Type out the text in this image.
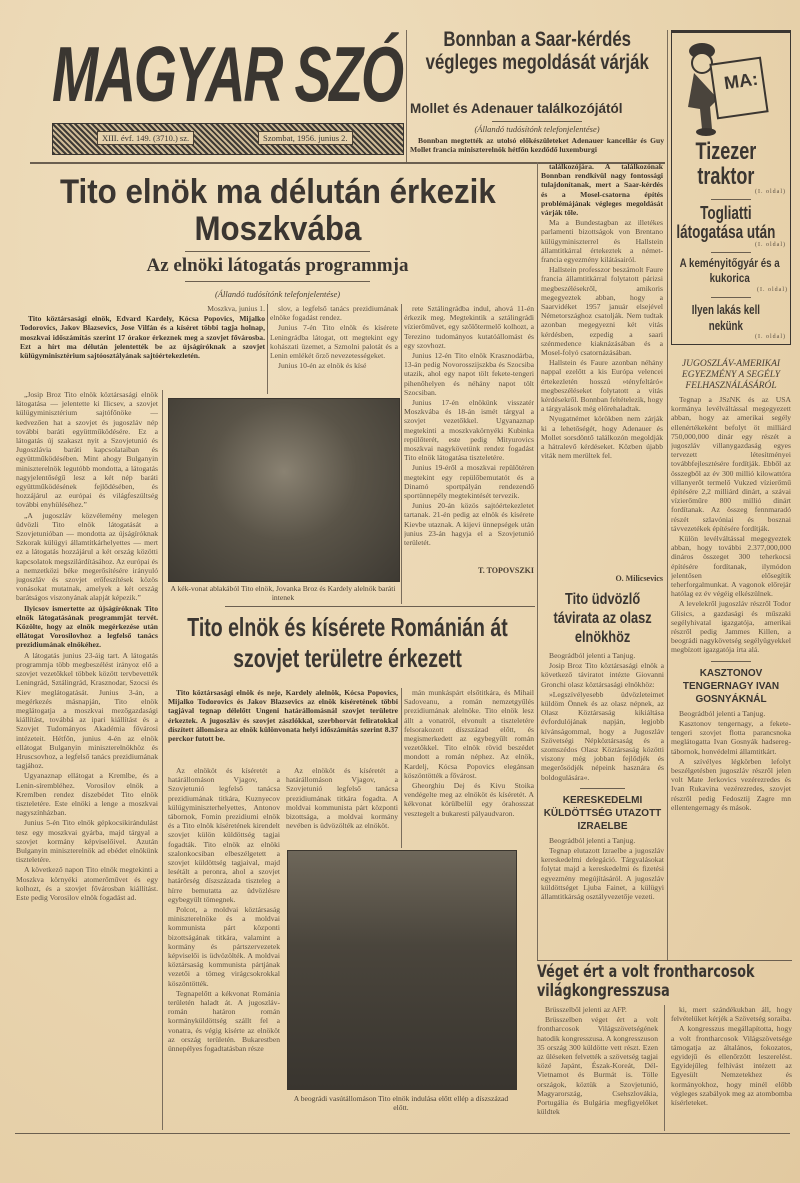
MAGYAR SZÓ
XIII. évf. 149. (3710.) sz.	Szombat, 1956. junius 2.
Bonnban a Saar-kérdés végleges megoldását várják
Mollet és Adenauer találkozójától
(Állandó tudósítónk telefonjelentése)

Bonnban megtették az utolsó előkészületeket Adenauer kancellár és Guy Mollet francia miniszterelnök hétfőn kezdődő luxemburgi

találkozójára. A találkozónak Bonnban rendkívül nagy fontossági tulajdonítanak, mert a Saar-kérdés és a Mosel-csatorna építés problémájának végleges megoldását várják tőle.

Ma a Bundestagban az illetékes parlamenti bizottságok von Brentano külügyminiszterrel és Hallstein államtitkárral értekeztek a német-francia egyezmény kilátásairól.

Hallstein professzor beszámolt Faure francia államtitkárral folytatott párizsi megbeszélésekről, amikoris megegyeztek abban, hogy a Saarvidéket 1957 január elsejével Németországhoz csatolják. Nem tudtak azonban megegyezni két vitás kérdésben, ezpedig a saari szénmedence kiaknázásában és a Mosel-folyó csatornázásában.

Hallstein és Faure azonban néhány nappal ezelőtt a kis Európa velencei értekezletén hosszú »tényfeltáró« megbeszéléseket folytatott a vitás kérdésekről. Bonnban feltételezik, hogy a tárgyalások még előrehaladtak.

Nyugatnémet körökben nem zárják ki a lehetőségét, hogy Adenauer és Mollet sorsdöntő találkozón megoldják a hátralevő kérdéseket. Közben újabb viták nem merültek fel.

O. Milicsevics
MA:
Tizezer traktor
(I. oldal)
Togliatti látogatása után
(I. oldal)
A keményitőgyár és a kukorica
(I. oldal)
Ilyen lakás kell nekünk
(I. oldal)
JUGOSZLÁV-AMERIKAI EGYEZMÉNY A SEGÉLY FELHASZNÁLÁSÁRÓL

Tegnap a JSzNK és az USA kormánya levélváltással megegyezett abban, hogy az amerikai segély ellenértékeként befolyt öt milliárd 750,000,000 dinár egy részét a jugoszláv villanygazdaság egyes tervezett létesítményei továbbfejlesztésére fordítják. Ebből az összegből az év 300 millió kilowattóra villanyerőt termelő Vukzed vízierőmű építésére 2,2 milliárd dinárt, a szávai vízierőműre 800 millió dinárt fordítanak. Az összeg fennmaradó részét szlavóniai és bosznai távvezetékek építésére fordítják.

Külön levélváltással megegyeztek abban, hogy további 2.377,000,000 dináros összeget 300 teherkocsi építésére fordítanak, ilymódon jelentősen elősegítik teherforgalmunkat. A vagonok előrejár hatólag ez év végéig elkészülnek.

A levelekről jugoszláv részről Todor Glisics, a gazdasági és műszaki segélyhivatal igazgatója, amerikai részről pedig Jammes Killen, a beográdi nagykövetség segélyügyekkel megbízott igazgatója írta alá.

KASZTONOV TENGERNAGY IVAN GOSNYÁKNÁL

Beográdból jelenti a Tanjug.

Kasztonov tengernagy, a fekete-tengeri szovjet flotta parancsnoka meglátogatta Ivan Gosnyák hadsereg-tábornok, honvédelmi államtitkárt.

A szívélyes légkörben lefolyt beszélgetésben jugoszláv részről jelen volt Mate Jerkovics vezérezredes és Ivan Rukavina vezérezredes, szovjet részről pedig Fedosztij Zagre mn ellentengernagy és mások.

Tito elnök ma délután érkezik Moszkvába
Az elnöki látogatás programmja
(Állandó tudósítónk telefonjelentése)

Moszkva, junius 1.

Tito köztársasági elnök, Edvard Kardely, Kócsa Popovics, Mijalko Todorovics, Jakov Blazsevics, Jose Vilfán és a kíséret többi tagja holnap, moszkvai időszámítás szerint 17 órakor érkeznek meg a szovjet fővárosba. Ezt a hírt ma délután jelentették be az újságíróknak a szovjet külügyminisztérium sajtóosztályának sajtóértekezletén.

„Josip Broz Tito elnök köztársasági elnök látogatása — jelentette ki Ilicsev, a szovjet külügyminisztérium sajtófőnöke — kedvezően hat a szovjet és jugoszláv nép további baráti együttműködésére. Ez a látogatás új szakaszt nyit a Szovjetunió és Jugoszlávia baráti kapcsolataiban és együttműködésében. Mint ahogy Bulganyin miniszterelnök legutóbb mondotta, a látogatás nagyjelentőségű lesz a két nép baráti együttműködésének fejlődésében, és hozzájárul az európai és világfeszültség további enyhüléséhez.”

„A jugoszláv közvélemény melegen üdvözli Tito elnök látogatását a Szovjetunióban — mondotta az újságíróknak Szkorak külügyi államtitkárhelyettes — mert ez a látogatás hozzájárul a két ország közötti kapcsolatok megszilárdításához. Az európai és a nemzetközi béke megerősítésére irányuló jugoszláv és szovjet erőfeszítések közös vonásokat mutatnak, amelyek a két ország barátságos viszonyának alapját képezik.”

Ilyicsov ismertette az újságíróknak Tito elnök látogatásának programmját tervét. Közölte, hogy az elnök megérkezése után ellátogat Vorosilovhoz a legfelső tanács prezidiumának elnökéhez.

A látogatás junius 23-áig tart. A látogatás programmja több megbeszélést irányoz elő a szovjet vezetőkkel többek között tervbevették Leningrád, Sztálingrád, Krasznodar, Szocsi és Kiev meglátogatását. Junius 3-án, a megérkezés másnapján, Tito elnök meglátogatja a moszkvai mezőgazdasági kiállítást, továbbá az ipari kiállítást és a Szovjet Tudományos Akadémia fővárosi intézeteit. Hétfőn, junius 4-én az elnök ellátogat Bulganyin miniszterelnökhöz és Hruscsovhoz, a legfelső tanács prezidiumának tagjához.

Ugyanaznap ellátogat a Kremlbe, és a Lenin-sírembléhez. Vorosilov elnök a Kremlben rendez díszebédet Tito elnök tiszteletére. Este elnöki a lenge a moszkvai nagyszínházban.

Junius 5-én Tito elnök gépkocsikirándulást tesz egy moszkvai gyárba, majd tárgyal a szovjet kormány képviselőivel. Azután Bulganyin miniszterelnök ad ebédet elnökünk tiszteletére.

A következő napon Tito elnök megtekinti a Moszkva környéki atomerőművet és egy kolhozt, és a szovjet fővárosban kiállítást. Este pedig Vorosilov elnök fogadást ad.

slov, a legfelső tanács prezidiumának elnöke fogadást rendez.

Junius 7-én Tito elnök és kísérete Leningrádba látogat, ott megtekint egy kohászati üzemet, a Szmolni palotát és a Lenin emlékét őrző nevezetességeket.

Junius 10-én az elnök és kísé

rete Sztálingrádba indul, ahová 11-én érkezik meg. Megtekintik a sztálingrádi vízierőművet, egy szőlőtermelő kolhozt, a Terezino tudományos kutatóállomást és egy szovhozt.

Junius 12-én Tito elnök Krasznodárba, 13-án pedig Novorosszijszkba és Szocsiba utazik, ahol egy napot tölt fekete-tengeri pihenőhelyen és néhány napot tölt Szocsiban.

Junius 17-én elnökünk visszatér Moszkvába és 18-án ismét tárgyal a szovjet vezetőkkel. Ugyanaznap megtekinti a moszkvakörnyéki Kubinka repülőterét, este pedig Mityurovics moszkvai nagykövetünk rendez fogadást Tito elnök látogatása tiszteletére.

Junius 19-éről a moszkvai repülőtéren megtekint egy repülőbemutatót és a Dinamó sportpályán rendezendő sportünnepély megtekintését tervezik.

Junius 20-án közös sajtóértekezletet tartanak. 21-én pedig az elnök és kísérete Kievbe utaznak. A kijevi ünnepségek után junius 23-án hagyja el a Szovjetunió területét.

T. TOPOVSZKI
A kék-vonat ablakából Tito elnök, Jovanka Broz és Kardely alelnök baráti intenek
Tito elnök és kísérete Románián át szovjet területre érkezett

Tito köztársasági elnök és neje, Kardely alelnök, Kócsa Popovics, Mijalko Todorovics és Jakov Blazsevics az elnök kíséretének többi tagjával tegnap délelőtt Ungeni határállomásnál szovjet területre érkeztek. A jugoszláv és szovjet zászlókkal, szerbhorvát feliratokkal díszített állomásra az elnök különvonata helyi időszámítás szerint 8.37 perckor futott be.

mán munkáspárt elsőtitkára, és Mihail Sadoveanu, a román nemzetgyűlés prezidiumának alelnöke. Tito elnök lesz állt a vonatról, elvonult a tiszteletére felsorakozott díszszázad előtt, és megismerkedett az egybegyűlt román vezetőkkel. Tito elnök rövid beszédet mondott a román néphez. Az elnök, Kardelj, Kócsa Popovics elegánsan köszöntötték a fővárost.

Gheorghiu Dej és Kivu Stoika vendégelte meg az elnököt és kíséretét. A kékvonat körülbelül egy órahosszat vesztegelt a bukaresti pályaudvaron.

Az elnököt és kíséretét a határállomáson Vjagov, a Szovjetunió legfelső tanácsa prezidiumának titkára, Kuznyecov külügyminiszterhelyettes, Antonov tábornok, Fomin prezidiumi elnök és a Tito elnök kíséretének kirendelt szovjet külön küldöttség tagjai fogadták. Tito elnök az elnöki szalonkocsiban elbeszélgetett a szovjet küldöttség tagjaival, majd lesétált a peronra, ahol a szovjet határőrség díszszázada tiszteleg a hírre bemutatta az üdvözlésre egybegyült tömegnek.

Polcot, a moldvai köztársaság miniszterelnöke és a moldvai kommunista párt központi bizottságának titkára, valamint a kormány és pártszervezetek képviselői is üdvözölték. A moldvai köztársaság kommunista pártjának vezetői a tömeg virágcsokrokkal köszöntötték.

Tegnapelőtt a kékvonat Románia területén haladt át. A jugoszláv-román határon román kormányküldöttség szállt fel a vonatra, és végig kísérte az elnököt az ország területén. Bukarestben ünnepélyes fogadtatásban része

Az elnököt és kíséretét a határállomáson Vjagov, a Szovjetunió legfelső tanácsa prezidiumának titkára fogadta. A moldvai kommunista párt központi bizottsága, a moldvai kormány nevében is üdvözölték az elnököt.

A beográdi vasútállomáson Tito elnök indulása előtt ellép a díszszázad előtt.
Tito üdvözlő távirata az olasz elnökhöz

Beográdból jelenti a Tanjug.

Josip Broz Tito köztársasági elnök a következő táviratot intézte Giovanni Gronchi olasz köztársasági elnökhöz:

»Legszívélyesebb üdvözleteimet küldöm Önnek és az olasz népnek, az Olasz Köztársaság kikiáltása évfordulójának napján, legjobb kívánságommal, hogy a Jugoszláv Szövetségi Népköztársaság és a szomszédos Olasz Köztársaság közötti viszony még jobban fejlődjék és megerősödjék népeink hasznára és boldogulására«.

KERESKEDELMI KÜLDÖTTSÉG UTAZOTT IZRAELBE

Beográdból jelenti a Tanjug.

Tegnap elutazott Izraelbe a jugoszláv kereskedelmi delegáció. Tárgyalásokat folytat majd a kereskedelmi és fizetési egyezmény megújításáról. A jugoszláv küldöttséget Ljuba Fainet, a külügyi államtitkárság osztályvezetője vezeti.

Véget ért a volt frontharcosok világkongresszusa

Brüsszelből jelenti az AFP.

Brüsszelben véget ért a volt frontharcosok Világszövetségének hatodik kongresszusa. A kongresszuson 35 ország 300 küldötte vett részt. Ezen az üléseken felvették a szövetség tagjai közé Japánt, Észak-Koreát, Dél-Vietnamot és Burmát is. Tölle országok, köztük a Szovjetunió, Magyarország, Csehszlovákia, Portugália és Bulgária megfigyelőket küldtek

ki, mert szándékukban áll, hogy felvételüket kérjék a Szövetség soraiba.

A kongresszus megállapította, hogy a volt frontharcosok Világszövetsége támogatja az általános, fokozatos, egyidejű és ellenőrzött leszerelést. Egyidejűleg felhívást intézett az Egyesült Nemzetekhez és kormányokhoz, hogy minél előbb végleges szabályok meg az atombomba kísérleteket.
